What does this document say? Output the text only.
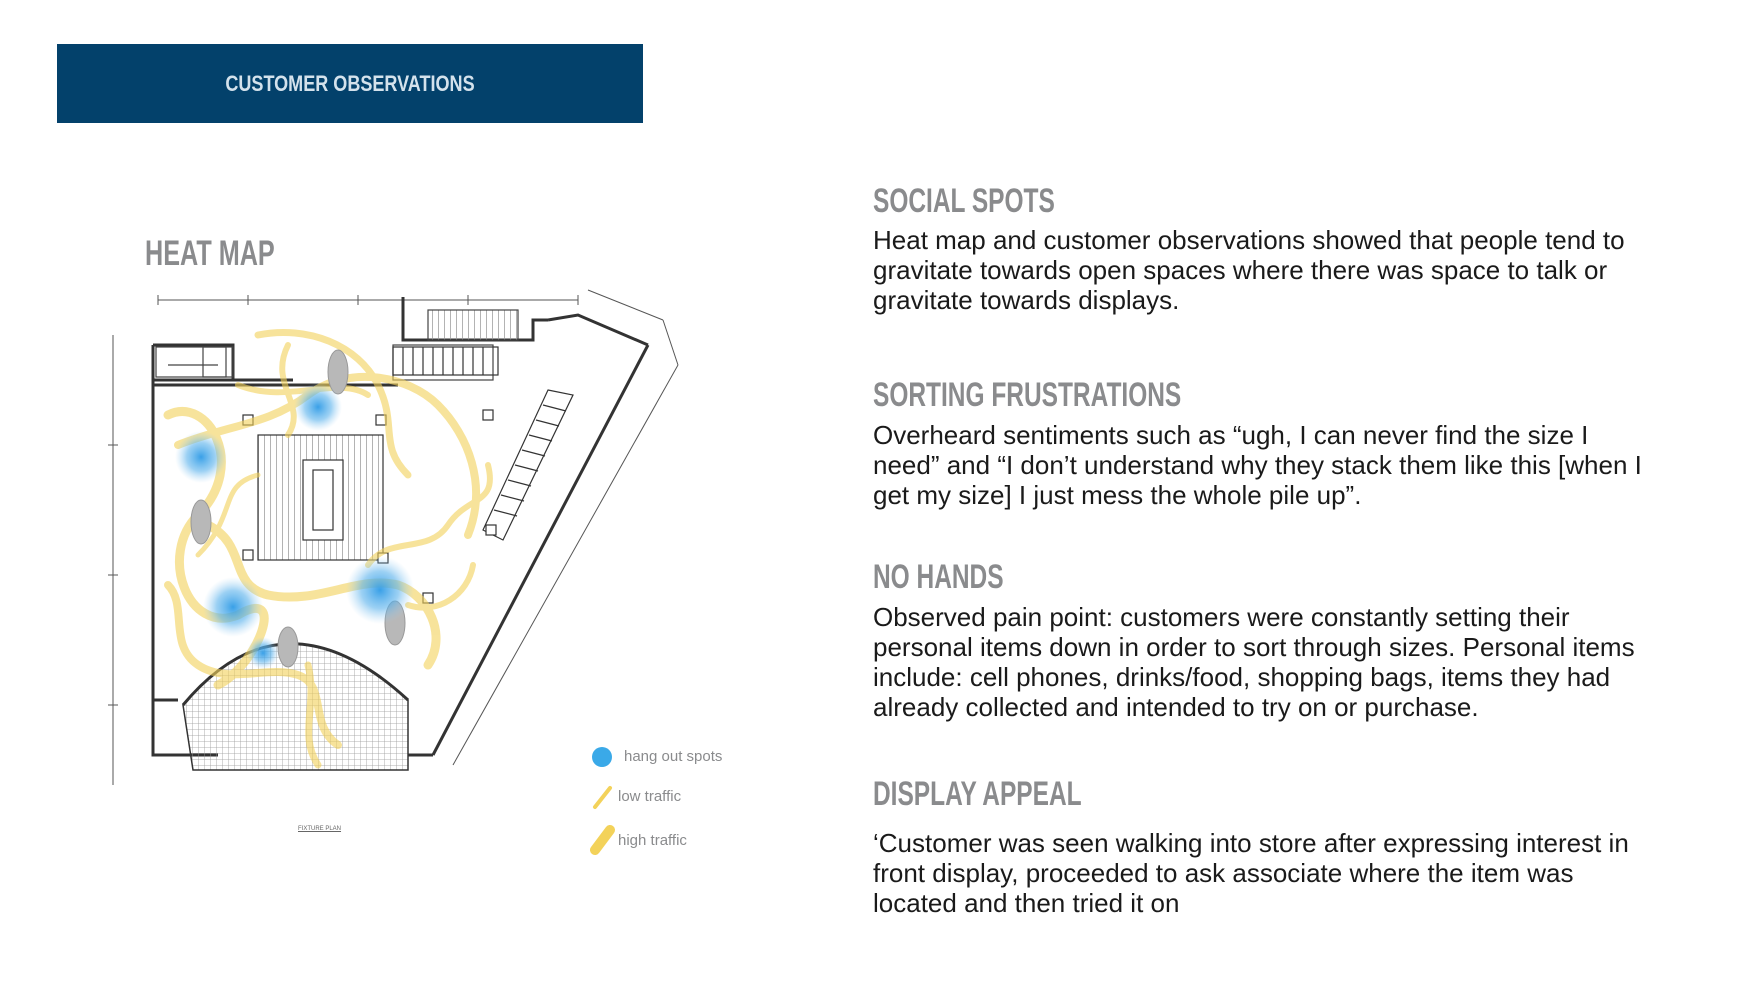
CUSTOMER OBSERVATIONS
HEAT MAP
hang out spots
low traffic
high traffic
SOCIAL SPOTS
Heat map and customer observations showed that people tend to gravitate towards open spaces where there was space to talk or gravitate towards displays.
SORTING FRUSTRATIONS
Overheard sentiments such as “ugh, I can never find the size I need” and “I don’t understand why they stack them like this [when I get my size] I just mess the whole pile up”.
NO HANDS
Observed pain point: customers were constantly setting their personal items down in order to sort through sizes. Personal items include: cell phones, drinks/food, shopping bags, items they had already collected and intended to try on or purchase.
DISPLAY APPEAL
‘Customer was seen walking into store after expressing interest in front display, proceeded to ask associate where the item was located and then tried it on
FIXTURE PLAN
